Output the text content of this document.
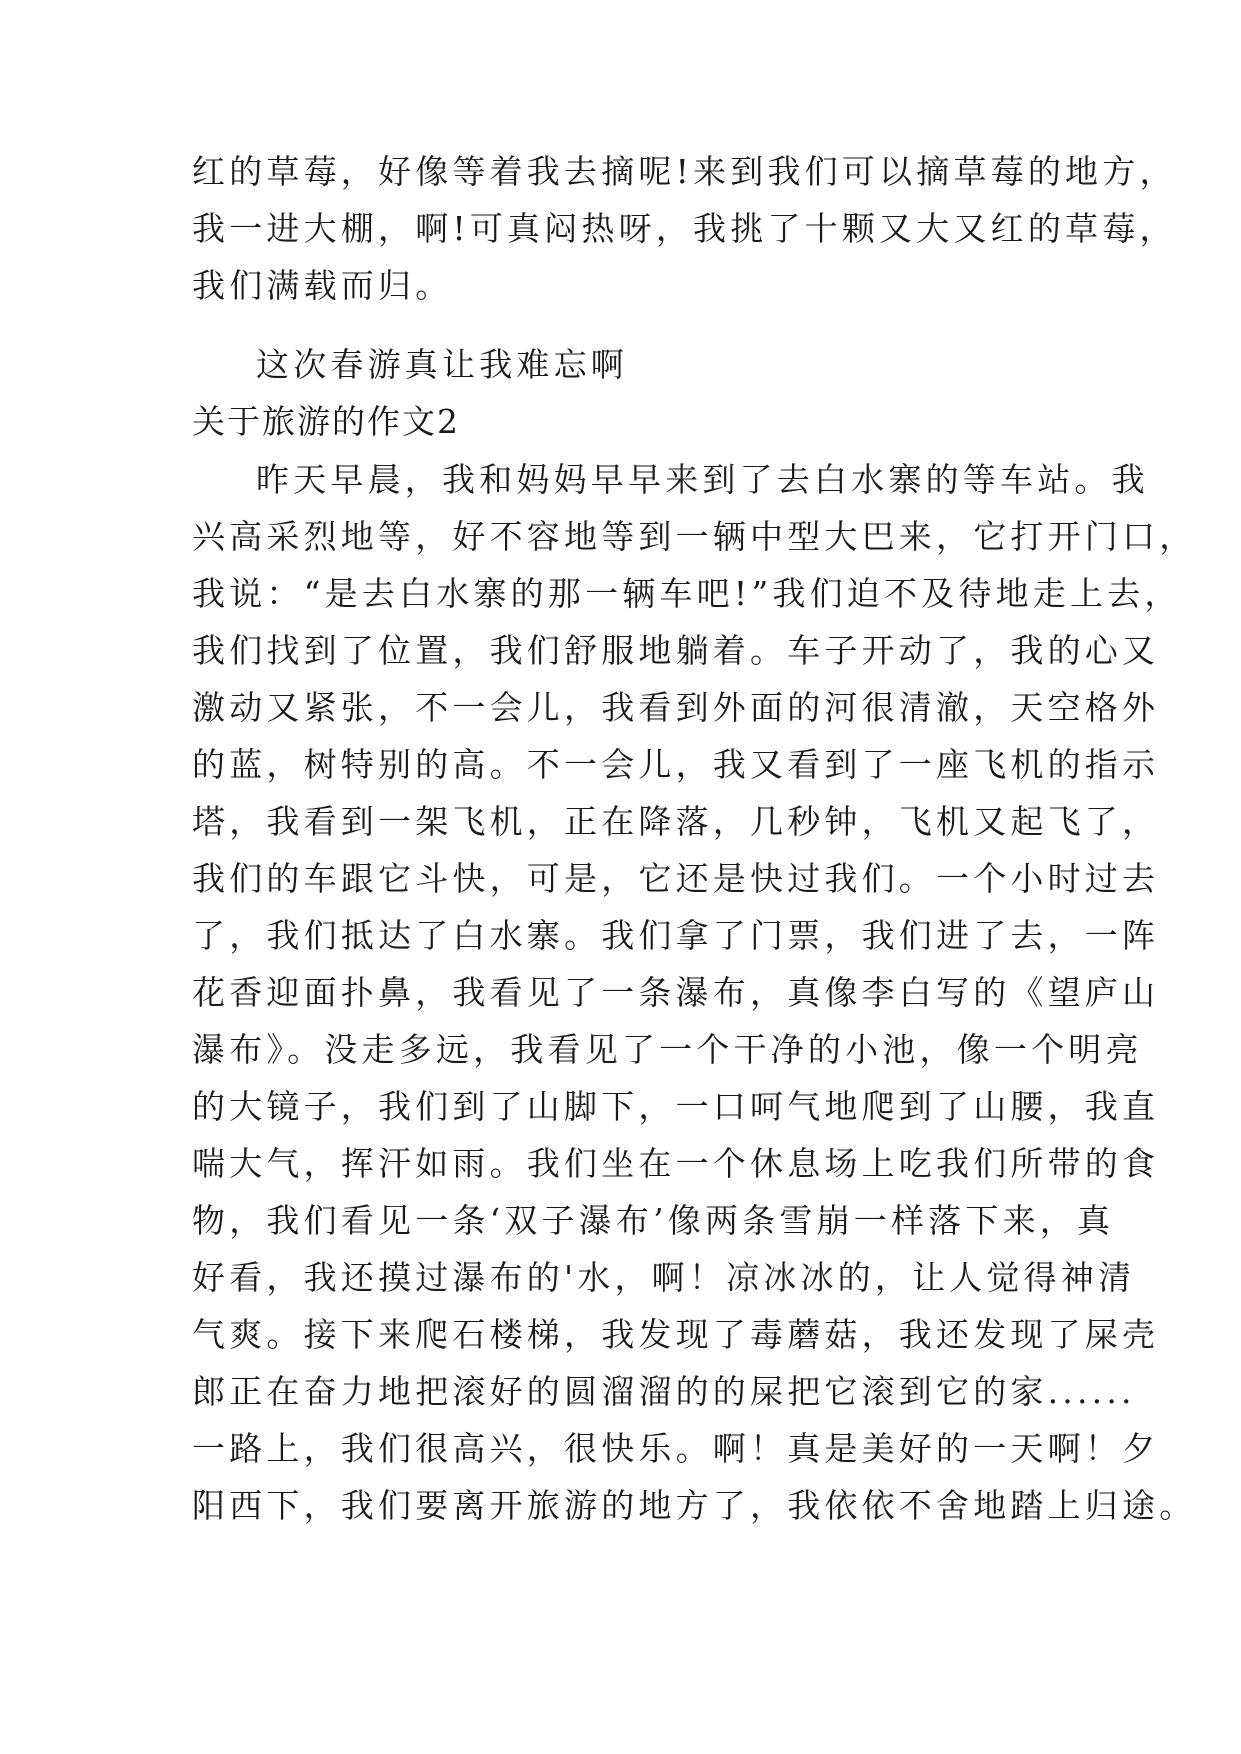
红的草莓，好像等着我去摘呢!来到我们可以摘草莓的地方，
我一进大棚，啊!可真闷热呀，我挑了十颗又大又红的草莓，
我们满载而归。
这次春游真让我难忘啊
关于旅游的作文2
昨天早晨，我和妈妈早早来到了去白水寨的等车站。我
兴高采烈地等，好不容地等到一辆中型大巴来，它打开门口，
我说：“是去白水寨的那一辆车吧!”我们迫不及待地走上去，
我们找到了位置，我们舒服地躺着。车子开动了，我的心又
激动又紧张，不一会儿，我看到外面的河很清澈，天空格外
的蓝，树特别的高。不一会儿，我又看到了一座飞机的指示
塔，我看到一架飞机，正在降落，几秒钟，飞机又起飞了，
我们的车跟它斗快，可是，它还是快过我们。一个小时过去
了，我们抵达了白水寨。我们拿了门票，我们进了去，一阵
花香迎面扑鼻，我看见了一条瀑布，真像李白写的《望庐山
瀑布》。没走多远，我看见了一个干净的小池，像一个明亮
的大镜子，我们到了山脚下，一口呵气地爬到了山腰，我直
喘大气，挥汗如雨。我们坐在一个休息场上吃我们所带的食
物，我们看见一条‘双子瀑布’像两条雪崩一样落下来，真
好看，我还摸过瀑布的'水，啊！凉冰冰的，让人觉得神清
气爽。接下来爬石楼梯，我发现了毒蘑菇，我还发现了屎壳
郎正在奋力地把滚好的圆溜溜的的屎把它滚到它的家......
一路上，我们很高兴，很快乐。啊！真是美好的一天啊！夕
阳西下，我们要离开旅游的地方了，我依依不舍地踏上归途。
